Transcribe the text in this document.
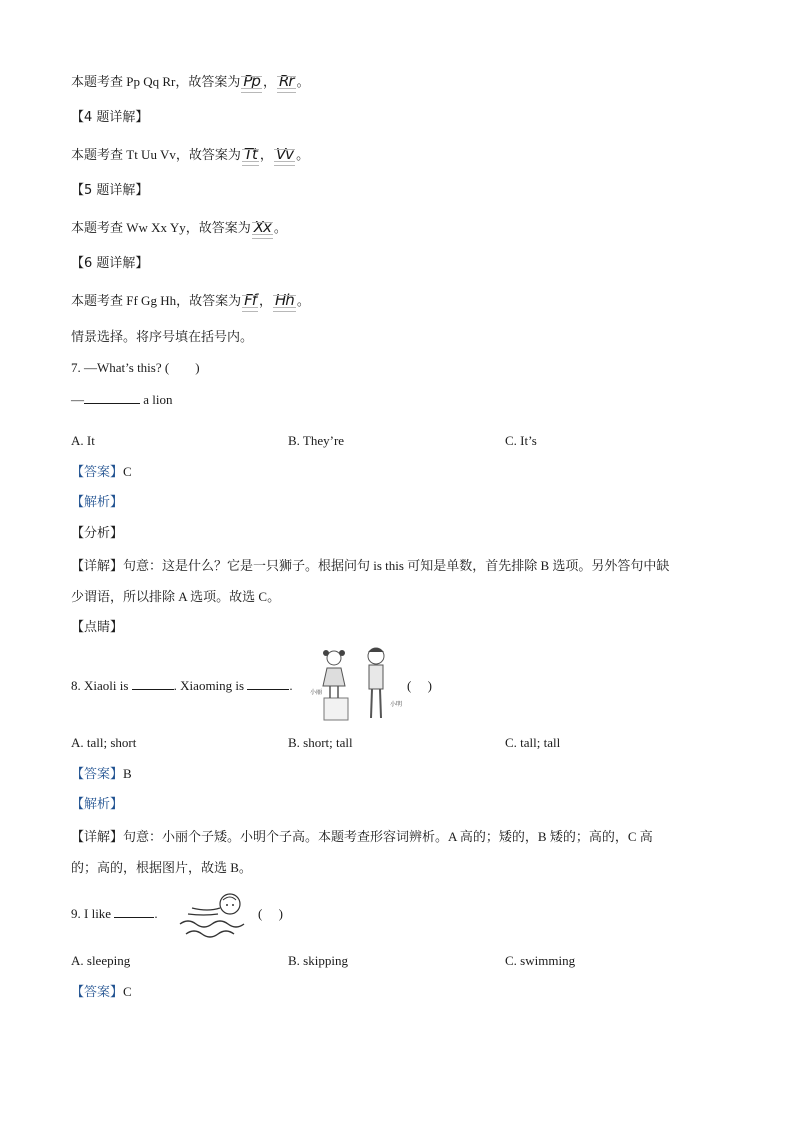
本题考查 Pp Qq Rr，故答案为 Pp ， Rr 。
【4 题详解】
本题考查 Tt Uu Vv，故答案为 Tt ， Vv 。
【5 题详解】
本题考查 Ww Xx Yy，故答案为 Xx 。
【6 题详解】
本题考查 Ff Gg Hh，故答案为 Ff ， Hh 。
情景选择。将序号填在括号内。
7. —What’s this? (　　)
—	a lion
A. It	B. They’re	C. It’s
【答案】C
【解析】
【分析】
【详解】句意：这是什么？它是一只狮子。根据问句 is this 可知是单数，首先排除 B 选项。另外答句中缺
少谓语，所以排除 A 选项。故选 C。
【点睛】
8. Xiaoli is	. Xiaoming is	.	小丽
小明
(　 )
A. tall; short	B. short; tall	C. tall; tall
【答案】B
【解析】
【详解】句意：小丽个子矮。小明个子高。本题考查形容词辨析。A 高的；矮的，B 矮的；高的，C 高
的；高的，根据图片，故选 B。
9. I like	.	(　 )
A. sleeping	B. skipping	C. swimming
【答案】C
